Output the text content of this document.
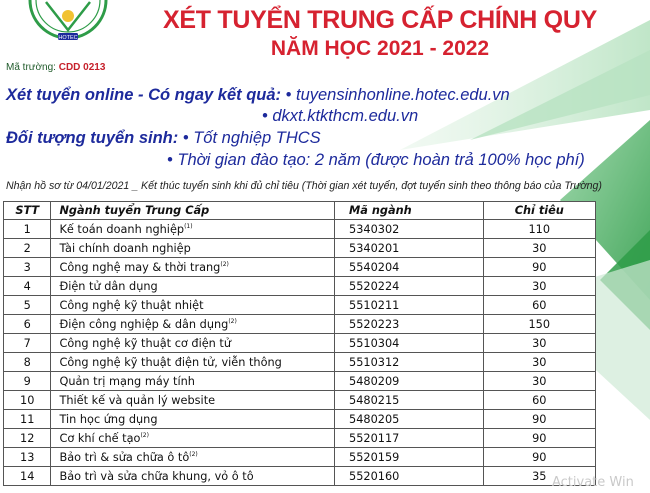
HOTEC
XÉT TUYỂN TRUNG CẤP CHÍNH QUY
NĂM HỌC 2021 - 2022
Mã trường: CDD 0213
Xét tuyển online - Có ngay kết quả: • tuyensinhonline.hotec.edu.vn
• dkxt.ktkthcm.edu.vn
Đối tượng tuyển sinh: • Tốt nghiệp THCS
• Thời gian đào tạo: 2 năm (được hoàn trả 100% học phí)
Nhận hồ sơ từ 04/01/2021 _ Kết thúc tuyển sinh khi đủ chỉ tiêu (Thời gian xét tuyển, đợt tuyển sinh theo thông báo của Trường)
STT	Ngành tuyển Trung Cấp	Mã ngành	Chỉ tiêu
1	Kế toán doanh nghiệp$^{(1)}$	5340302	110
2	Tài chính doanh nghiệp	5340201	30
3	Công nghệ may & thời trang$^{(2)}$	5540204	90
4	Điện tử dân dụng	5520224	30
5	Công nghệ kỹ thuật nhiệt	5510211	60
6	Điện công nghiệp & dân dụng$^{(2)}$	5520223	150
7	Công nghệ kỹ thuật cơ điện tử	5510304	30
8	Công nghệ kỹ thuật điện tử, viễn thông	5510312	30
9	Quản trị mạng máy tính	5480209	30
10	Thiết kế và quản lý website	5480215	60
11	Tin học ứng dụng	5480205	90
12	Cơ khí chế tạo$^{(2)}$	5520117	90
13	Bảo trì & sửa chữa ô $tô^{(2)}$	5520159	90
14	Bảo trì và sửa chữa khung, vỏ ô tô	5520160	35 Activate Win
